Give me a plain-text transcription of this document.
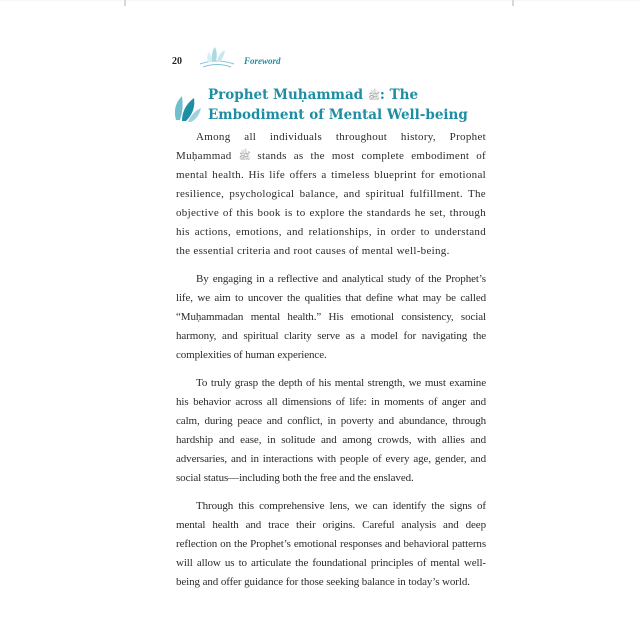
20	Foreword
Prophet Muḥammad ﷺ: The Embodiment of Mental Well-being

Among all individuals throughout history, Prophet Muḥammad ﷺ stands as the most complete embodiment of mental health. His life offers a timeless blueprint for emotional resilience, psychological balance, and spiritual fulfillment. The objective of this book is to explore the standards he set, through his actions, emotions, and relationships, in order to understand the essential criteria and root causes of mental well-being.

By engaging in a reflective and analytical study of the Prophet’s life, we aim to uncover the qualities that define what may be called “Muḥammadan mental health.” His emotional consistency, social harmony, and spiritual clarity serve as a model for navigating the complexities of human experience.

To truly grasp the depth of his mental strength, we must examine his behavior across all dimensions of life: in moments of anger and calm, during peace and conflict, in poverty and abundance, through hardship and ease, in solitude and among crowds, with allies and adversaries, and in interactions with people of every age, gender, and social status—including both the free and the enslaved.

Through this comprehensive lens, we can identify the signs of mental health and trace their origins. Careful analysis and deep reflection on the Prophet’s emotional responses and behavioral patterns will allow us to articulate the foundational principles of mental well-being and offer guidance for those seeking balance in today’s world.
